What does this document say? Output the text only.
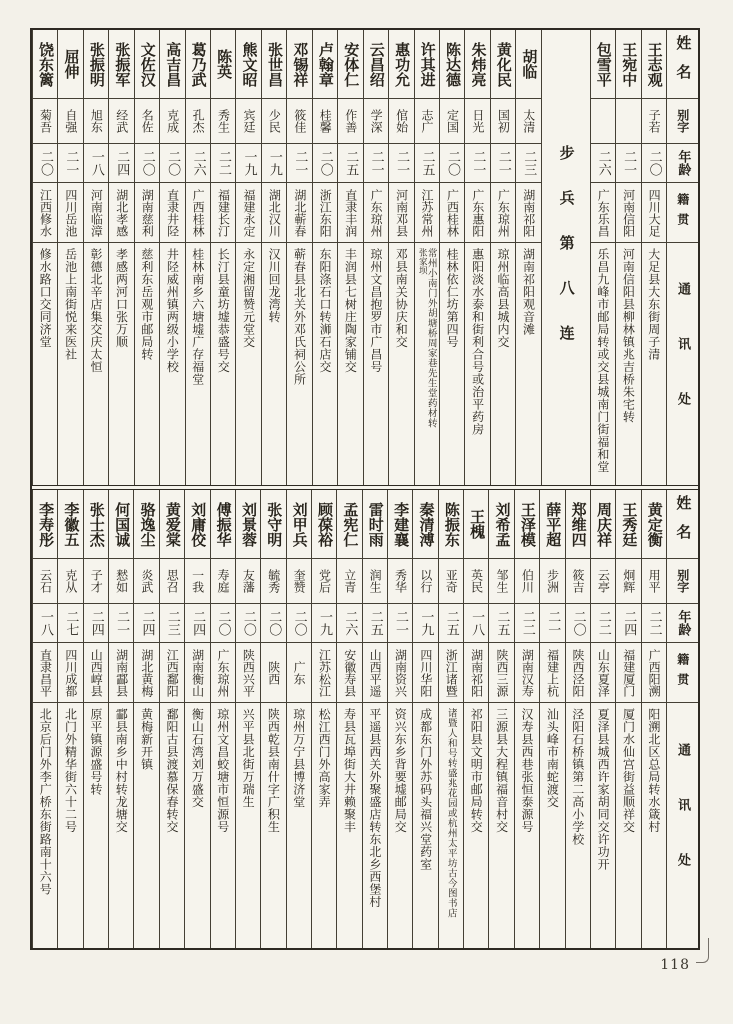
姓名
别字
年龄
籍贯
通讯处
王志观
子若
二〇
四川大足
大足县大东街周子清
王宛中
二一
河南信阳
河南信阳县柳林镇兆吉桥朱宅转
包雪平
二六
广东乐昌
乐昌九峰市邮局转或交县城南门街福和堂
步兵第八连
胡临
太清
二三
湖南祁阳
湖南祁阳观音滩
黄化民
国初
二一
广东琼州
琼州临高县城内交
朱炜亮
日光
二一
广东惠阳
惠阳淡水泰和街利合号或治平药房
陈达德
定国
二〇
广西桂林
桂林依仁坊第四号
许其进
志广
二五
江苏常州
张家坝
常州小南门外胡塘桥周家巷先生堂药材转
惠功允
倌始
二一
河南邓县
邓县南关协庆和交
云昌绍
学深
二一
广东琼州
琼州文昌抱罗市广昌号
安体仁
作善
二五
直隶丰润
丰润县七树庄陶家铺交
卢翰章
桂馨
二〇
浙江东阳
东阳涤石口转浉石店交
邓锡祥
筱佳
二一
湖北蕲春
蕲春县北关外邓氏祠公所
张世昌
少民
一九
湖北汉川
汉川回龙湾转
熊文昭
宾廷
一九
福建永定
永定湘留赞元堂交
陈英
秀生
二二
福建长汀
长汀县童坊墟恭盛号交
葛乃武
孔杰
二六
广西桂林
桂林南乡六塘墟广存福堂
高吉昌
克成
二〇
直隶井陉
井陉威州镇两级小学校
文佐汉
名佐
二〇
湖南慈利
慈利东岳观市邮局转
张振军
经武
二四
湖北孝感
孝感两河口张万顺
张振明
旭东
一八
河南临漳
彰德北辛店集交庆太恒
屈伸
自强
二一
四川岳池
岳池上南街悦来医社
饶东篱
菊吾
二〇
江西修水
修水路口交同济堂
姓名
别字
年龄
籍贯
通讯处
黄定衡
用平
二二
广西阳溯
阳溯北区总局转水箴村
王秀廷
炯辉
二四
福建厦门
厦门水仙宫街益顺祥交
周庆祥
云亭
二二
山东夏泽
夏泽县城西许家胡同交许功开
郑维四
筱吉
二〇
陕西泾阳
泾阳石桥镇第二高小学校
薛平超
步洲
二一
福建上杭
汕头峰市南蛇渡交
王泽模
伯川
二二
湖南汉寿
汉寿县西巷张恒泰源号
刘希孟
邹生
二五
陕西三源
三源县大程镇福音村交
王槐
英民
一八
湖南祁阳
祁阳县文明市邮局转交
陈振东
亚奇
二五
浙江诸暨
诸暨人和号转盛兆花园或杭州太平坊古今图书店
秦清溥
以行
一九
四川华阳
成都东门外苏码头福兴堂药室
李建襄
秀华
二一
湖南资兴
资兴东乡背要墟邮局交
雷时雨
润生
二五
山西平遥
平遥县西关外聚盛店转东北乡西堡村
孟宪仁
立青
二六
安徽寿县
寿县瓦埠街大井赖聚丰
顾葆裕
党后
一九
江苏松江
松江西门外高家弄
刘甲兵
奎赞
二〇
广东
琼州万宁县博济堂
张守明
毓秀
二〇
陕西
陕西乾县南什字广积生
刘景蓉
友藩
二〇
陕西兴平
兴平县北街万瑞生
傅振华
寿庭
二〇
广东琼州
琼州文昌蛟塘市恒源号
刘庸佼
一我
二四
湖南衡山
衡山石湾刘万盛交
黄爱棠
思召
二三
江西鄱阳
鄱阳古县渡慕保春转交
骆逸尘
炎武
二四
湖北黄梅
黄梅新开镇
何国诚
慭如
二一
湖南酃县
酃县南乡中村转龙塘交
张士杰
子才
二四
山西崞县
原平镇源盛号转
李徽五
克从
二七
四川成都
北门外精华街六十二号
李寿彤
云石
一八
直隶昌平
北京后门外李广桥东街路南十六号
118
